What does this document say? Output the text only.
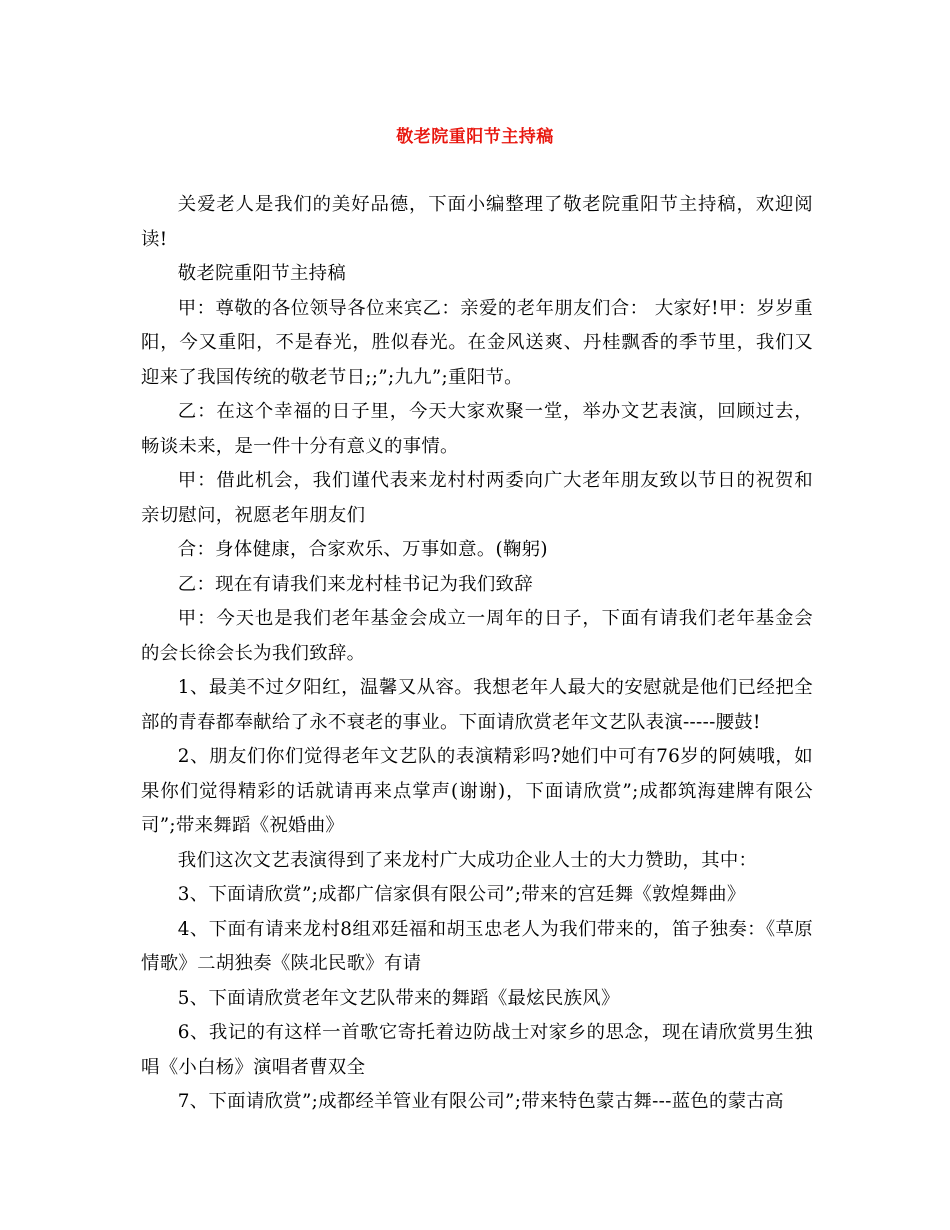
敬老院重阳节主持稿

关爱老人是我们的美好品德，下面小编整理了敬老院重阳节主持稿，欢迎阅读!

敬老院重阳节主持稿

甲：尊敬的各位领导各位来宾乙：亲爱的老年朋友们合： 大家好!甲：岁岁重阳，今又重阳，不是春光，胜似春光。在金风送爽、丹桂飘香的季节里，我们又迎来了我国传统的敬老节日;;”;九九”;重阳节。

乙：在这个幸福的日子里，今天大家欢聚一堂，举办文艺表演，回顾过去，畅谈未来，是一件十分有意义的事情。

甲：借此机会，我们谨代表来龙村村两委向广大老年朋友致以节日的祝贺和亲切慰问，祝愿老年朋友们

合：身体健康，合家欢乐、万事如意。(鞠躬)

乙：现在有请我们来龙村桂书记为我们致辞

甲：今天也是我们老年基金会成立一周年的日子，下面有请我们老年基金会的会长徐会长为我们致辞。

1、最美不过夕阳红，温馨又从容。我想老年人最大的安慰就是他们已经把全部的青春都奉献给了永不衰老的事业。下面请欣赏老年文艺队表演-----腰鼓!

2、朋友们你们觉得老年文艺队的表演精彩吗?她们中可有76岁的阿姨哦，如果你们觉得精彩的话就请再来点掌声(谢谢)，下面请欣赏”;成都筑海建牌有限公司”;带来舞蹈《祝婚曲》

我们这次文艺表演得到了来龙村广大成功企业人士的大力赞助，其中：

3、下面请欣赏”;成都广信家俱有限公司”;带来的宫廷舞《敦煌舞曲》

4、下面有请来龙村8组邓廷福和胡玉忠老人为我们带来的，笛子独奏：《草原情歌》二胡独奏《陕北民歌》有请

5、下面请欣赏老年文艺队带来的舞蹈《最炫民族风》

6、我记的有这样一首歌它寄托着边防战士对家乡的思念，现在请欣赏男生独唱《小白杨》演唱者曹双全

7、下面请欣赏”;成都经羊管业有限公司”;带来特色蒙古舞---蓝色的蒙古高
